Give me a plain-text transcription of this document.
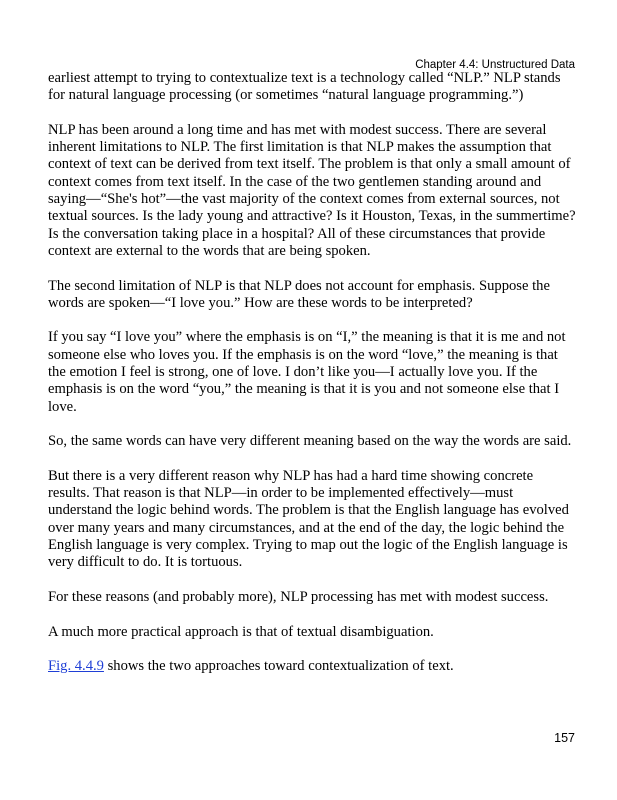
Chapter 4.4: Unstructured Data

earliest attempt to trying to contextualize text is a technology called “NLP.” NLP stands for natural language processing (or sometimes “natural language programming.”)

NLP has been around a long time and has met with modest success. There are several inherent limitations to NLP. The first limitation is that NLP makes the assumption that context of text can be derived from text itself. The problem is that only a small amount of context comes from text itself. In the case of the two gentlemen standing around and saying—“She's hot”—the vast majority of the context comes from external sources, not textual sources. Is the lady young and attractive? Is it Houston, Texas, in the summertime? Is the conversation taking place in a hospital? All of these circumstances that provide context are external to the words that are being spoken.

The second limitation of NLP is that NLP does not account for emphasis. Suppose the words are spoken—“I love you.” How are these words to be interpreted?

If you say “I love you” where the emphasis is on “I,” the meaning is that it is me and not someone else who loves you. If the emphasis is on the word “love,” the meaning is that the emotion I feel is strong, one of love. I don’t like you—I actually love you. If the emphasis is on the word “you,” the meaning is that it is you and not someone else that I love.

So, the same words can have very different meaning based on the way the words are said.

But there is a very different reason why NLP has had a hard time showing concrete results. That reason is that NLP—in order to be implemented effectively—must understand the logic behind words. The problem is that the English language has evolved over many years and many circumstances, and at the end of the day, the logic behind the English language is very complex. Trying to map out the logic of the English language is very difficult to do. It is tortuous.

For these reasons (and probably more), NLP processing has met with modest success.

A much more practical approach is that of textual disambiguation.

Fig. 4.4.9 shows the two approaches toward contextualization of text.

157
